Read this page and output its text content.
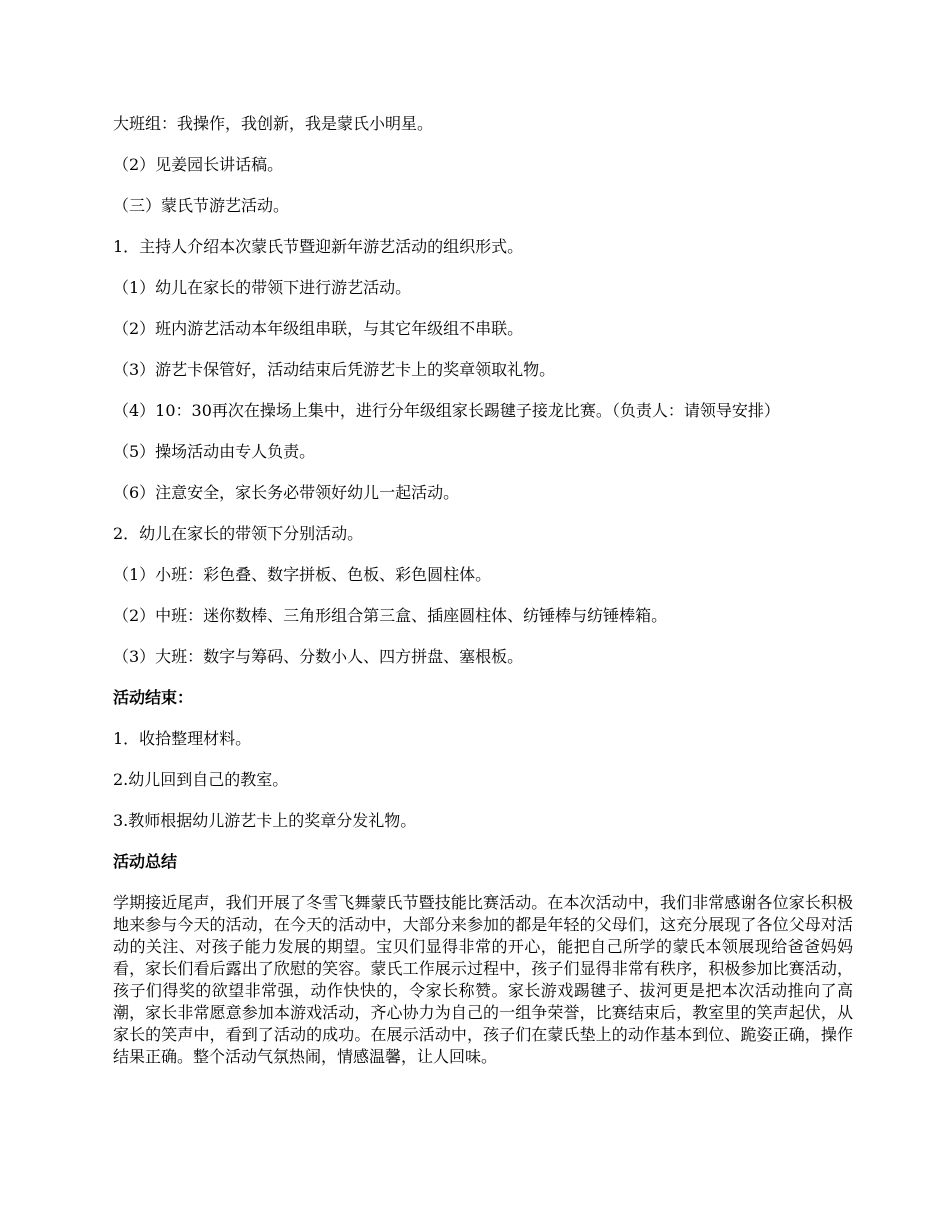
大班组：我操作，我创新，我是蒙氏小明星。

（2）见姜园长讲话稿。

（三）蒙氏节游艺活动。

1．主持人介绍本次蒙氏节暨迎新年游艺活动的组织形式。

（1）幼儿在家长的带领下进行游艺活动。

（2）班内游艺活动本年级组串联，与其它年级组不串联。

（3）游艺卡保管好，活动结束后凭游艺卡上的奖章领取礼物。

（4）10：30再次在操场上集中，进行分年级组家长踢毽子接龙比赛。（负责人：请领导安排）

（5）操场活动由专人负责。

（6）注意安全，家长务必带领好幼儿一起活动。

2．幼儿在家长的带领下分别活动。

（1）小班：彩色叠、数字拼板、色板、彩色圆柱体。

（2）中班：迷你数棒、三角形组合第三盒、插座圆柱体、纺锤棒与纺锤棒箱。

（3）大班：数字与筹码、分数小人、四方拼盘、塞根板。

活动结束：

1．收拾整理材料。

2.幼儿回到自己的教室。

3.教师根据幼儿游艺卡上的奖章分发礼物。

活动总结

学期接近尾声，我们开展了冬雪飞舞蒙氏节暨技能比赛活动。在本次活动中，我们非常感谢各位家长积极地来参与今天的活动，在今天的活动中，大部分来参加的都是年轻的父母们，这充分展现了各位父母对活动的关注、对孩子能力发展的期望。宝贝们显得非常的开心，能把自己所学的蒙氏本领展现给爸爸妈妈看，家长们看后露出了欣慰的笑容。蒙氏工作展示过程中，孩子们显得非常有秩序，积极参加比赛活动，孩子们得奖的欲望非常强，动作快快的，令家长称赞。家长游戏踢毽子、拔河更是把本次活动推向了高潮，家长非常愿意参加本游戏活动，齐心协力为自己的一组争荣誉，比赛结束后，教室里的笑声起伏，从家长的笑声中，看到了活动的成功。在展示活动中，孩子们在蒙氏垫上的动作基本到位、跪姿正确，操作结果正确。整个活动气氛热闹，情感温馨，让人回味。
